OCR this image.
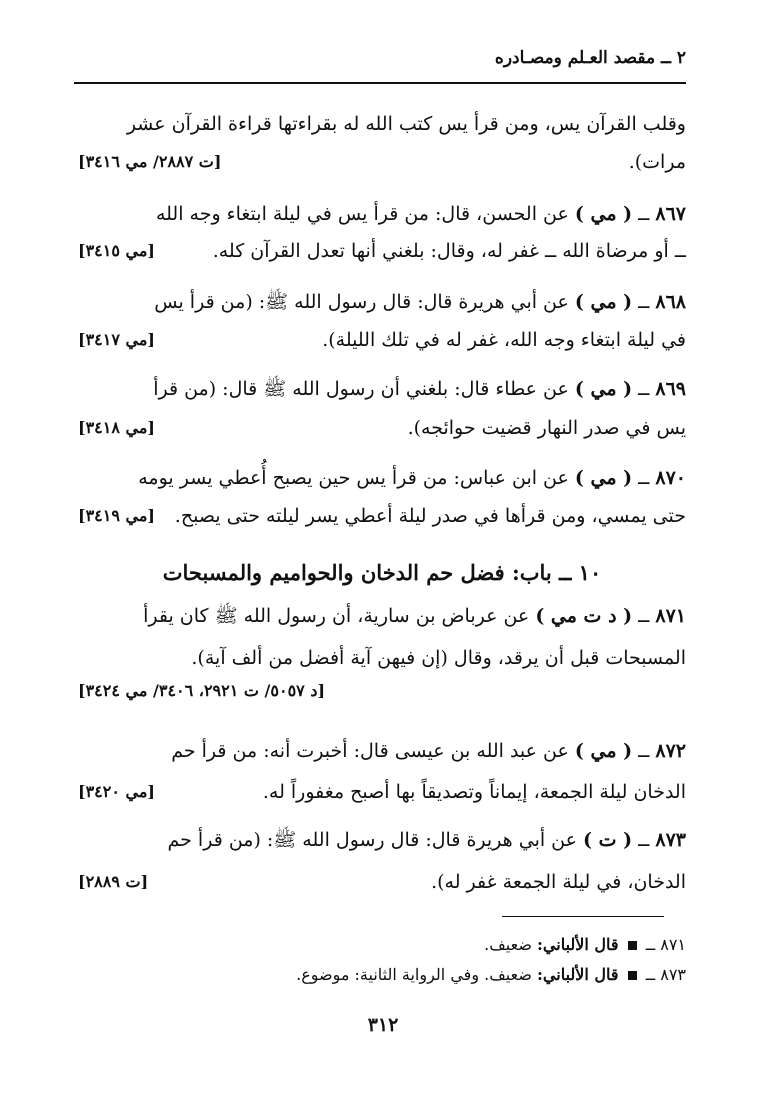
٢ ــ مقصد العـلم ومصـادره
وقلب القرآن يس، ومن قرأ يس كتب الله له بقراءتها قراءة القرآن عشر
مرات).
[ت ٢٨٨٧/ مي ٣٤١٦]
٨٦٧ ــ ( مي ) عن الحسن، قال: من قرأ يس في ليلة ابتغاء وجه الله
ــ أو مرضاة الله ــ غفر له، وقال: بلغني أنها تعدل القرآن كله.
[مي ٣٤١٥]
٨٦٨ ــ ( مي ) عن أبي هريرة قال: قال رسول الله ﷺ: (من قرأ يس
في ليلة ابتغاء وجه الله، غفر له في تلك الليلة).
[مي ٣٤١٧]
٨٦٩ ــ ( مي ) عن عطاء قال: بلغني أن رسول الله ﷺ قال: (من قرأ
يس في صدر النهار قضيت حوائجه).
[مي ٣٤١٨]
٨٧٠ ــ ( مي ) عن ابن عباس: من قرأ يس حين يصبح أُعطي يسر يومه
حتى يمسي، ومن قرأها في صدر ليلة أعطي يسر ليلته حتى يصبح.
[مي ٣٤١٩]
١٠ ــ باب: فضل حم الدخان والحواميم والمسبحات
٨٧١ ــ ( د ت مي ) عن عرباض بن سارية، أن رسول الله ﷺ كان يقرأ
المسبحات قبل أن يرقد، وقال (إن فيهن آية أفضل من ألف آية).
[د ٥٠٥٧/ ت ٢٩٢١، ٣٤٠٦/ مي ٣٤٢٤]
٨٧٢ ــ ( مي ) عن عبد الله بن عيسى قال: أخبرت أنه: من قرأ حم
الدخان ليلة الجمعة، إيماناً وتصديقاً بها أصبح مغفوراً له.
[مي ٣٤٢٠]
٨٧٣ ــ ( ت ) عن أبي هريرة قال: قال رسول الله ﷺ: (من قرأ حم
الدخان، في ليلة الجمعة غفر له).
[ت ٢٨٨٩]
٨٧١ ــ  قال الألباني: ضعيف.
٨٧٣ ــ  قال الألباني: ضعيف. وفي الرواية الثانية: موضوع.
٣١٢
